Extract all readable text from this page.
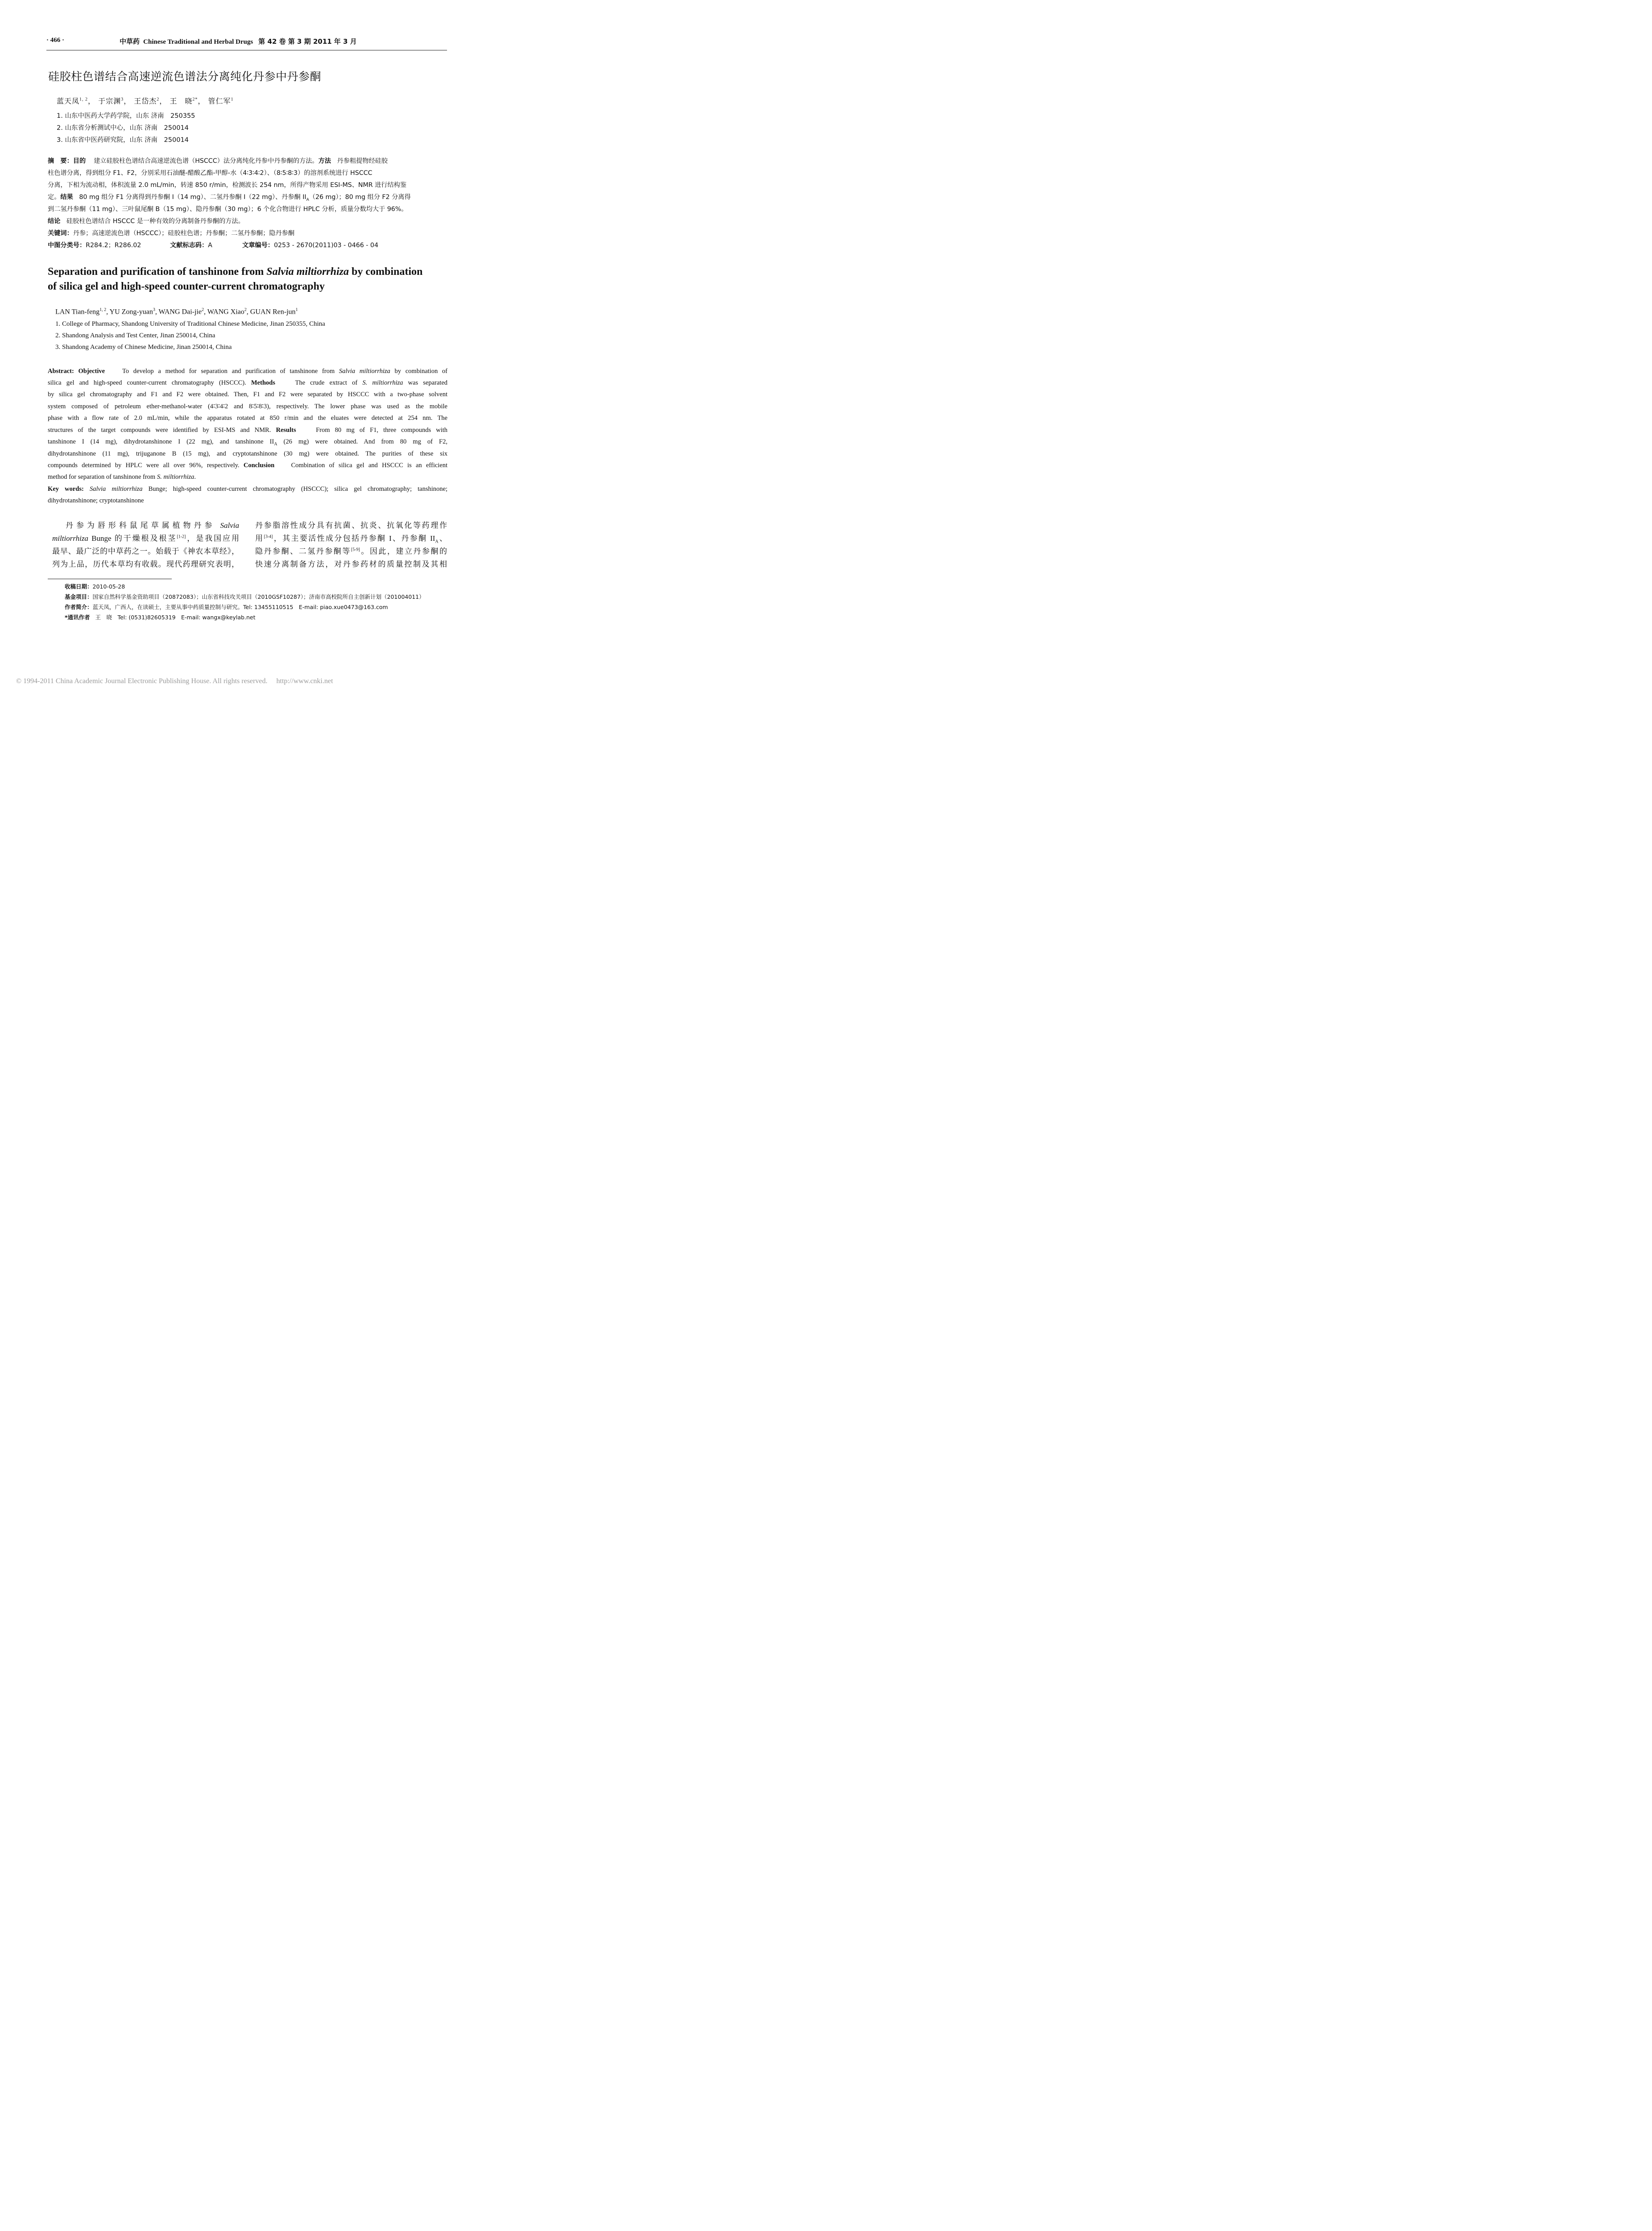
· 466 ·	中草药 Chinese Traditional and Herbal Drugs 第 42 卷 第 3 期 2011 年 3 月
硅胶柱色谱结合高速逆流色谱法分离纯化丹参中丹参酮
蓝天凤$^{1, 2}$， 于宗渊$^3$， 王岱杰$^2$， 王　晓$^{2*}$， 管仁军$^1$
1. 山东中医药大学药学院，山东 济南　250355
2. 山东省分析测试中心，山东 济南　250014
3. 山东省中医药研究院，山东 济南　250014
摘　要：目的 建立硅胶柱色谱结合高速逆流色谱（HSCCC）法分离纯化丹参中丹参酮的方法。方法 丹参粗提物经硅胶
柱色谱分离，得到组分 F1、F2，分别采用石油醚-醋酸乙酯-甲醇-水（4∶3∶4∶2）、（8∶5∶8∶3）的溶剂系统进行 HSCCC
分离，下相为流动相，体积流量 2.0 mL/min，转速 850 r/min，检测波长 254 nm，所得产物采用 ESI-MS、NMR 进行结构鉴
定。结果 80 mg 组分 F1 分离得到丹参酮 I（14 mg）、二氢丹参酮 I（22 mg）、丹参酮 $II_A(26$ mg）；80 mg 组分 F2 分离得
到二氢丹参酮（11 mg）、三叶鼠尾酮 B（15 mg）、隐丹参酮（30 mg）；6 个化合物进行 HPLC 分析，质量分数均大于 96%。
结论 硅胶柱色谱结合 HSCCC 是一种有效的分离制备丹参酮的方法。
关键词：丹参；高速逆流色谱（HSCCC）；硅胶柱色谱；丹参酮；二氢丹参酮；隐丹参酮
中图分类号：R284.2；R286.02	文献标志码：A	文章编号：0253 - 2670(2011)03 - 0466 - 04
Separation and purification of tanshinone from Salvia miltiorrhiza by combination
of silica gel and high-speed counter-current chromatography
LAN Tian-feng$^{1, 2}$, YU Zong-yuan$^3$, WANG Dai-jie$^2$, WANG Xiao$^2$, GUAN Ren-jun$^1$
1. College of Pharmacy, Shandong University of Traditional Chinese Medicine, Jinan 250355, China
2. Shandong Analysis and Test Center, Jinan 250014, China
3. Shandong Academy of Chinese Medicine, Jinan 250014, China
Abstract: Objective	To develop a method for separation and purification of tanshinone from Salvia miltiorrhiza by combination of
silica gel and high-speed counter-current chromatography (HSCCC). Methods	The crude extract of S. miltiorrhiza was separated
by silica gel chromatography and F1 and F2 were obtained. Then, F1 and F2 were separated by HSCCC with a two-phase solvent
system composed of petroleum ether-methanol-water (4∶3∶4∶2 and 8∶5∶8∶3), respectively. The lower phase was used as the mobile
phase with a flow rate of 2.0 mL/min, while the apparatus rotated at 850 r/min and the eluates were detected at 254 nm. The
structures of the target compounds were identified by ESI-MS and NMR. Results	From 80 mg of F1, three compounds with
tanshinone I (14 mg), dihydrotanshinone I (22 mg), and tanshinone $II_A$ (26 mg) were obtained. And from 80 mg of F2,
dihydrotanshinone (11 mg), trijuganone B (15 mg), and cryptotanshinone (30 mg) were obtained. The purities of these six
compounds determined by HPLC were all over 96%, respectively. Conclusion	Combination of silica gel and HSCCC is an efficient
method for separation of tanshinone from S. miltiorrhiza.
Key words: Salvia miltiorrhiza Bunge; high-speed counter-current chromatography (HSCCC); silica gel chromatography; tanshinone;
dihydrotanshinone; cryptotanshinone
丹参为唇形科鼠尾草属植物丹参 Salvia
miltiorrhiza Bunge 的干燥根及根茎[1-2]，是我国应用
最早、最广泛的中草药之一。始载于《神农本草经》，
列为上品，历代本草均有收载。现代药理研究表明，
丹参脂溶性成分具有抗菌、抗炎、抗氧化等药理作
用[3-4]，其主要活性成分包括丹参酮 I、丹参酮 $II_A$、
隐丹参酮、二氢丹参酮等[5-9]。因此，建立丹参酮的
快速分离制备方法，对丹参药材的质量控制及其相
收稿日期：2010-05-28
基金项目：国家自然科学基金资助项目（20872083）；山东省科技攻关项目（2010GSF10287）；济南市高校院所自主创新计划（201004011）
作者简介：蓝天凤，广西人，在读硕士，主要从事中药质量控制与研究。Tel: 13455110515　E-mail: piao.xue0473@163.com
*通讯作者 王　晓　Tel: (0531)82605319　E-mail: wangx@keylab.net
© 1994-2011 China Academic Journal Electronic Publishing House. All rights reserved.　 http://www.cnki.net
